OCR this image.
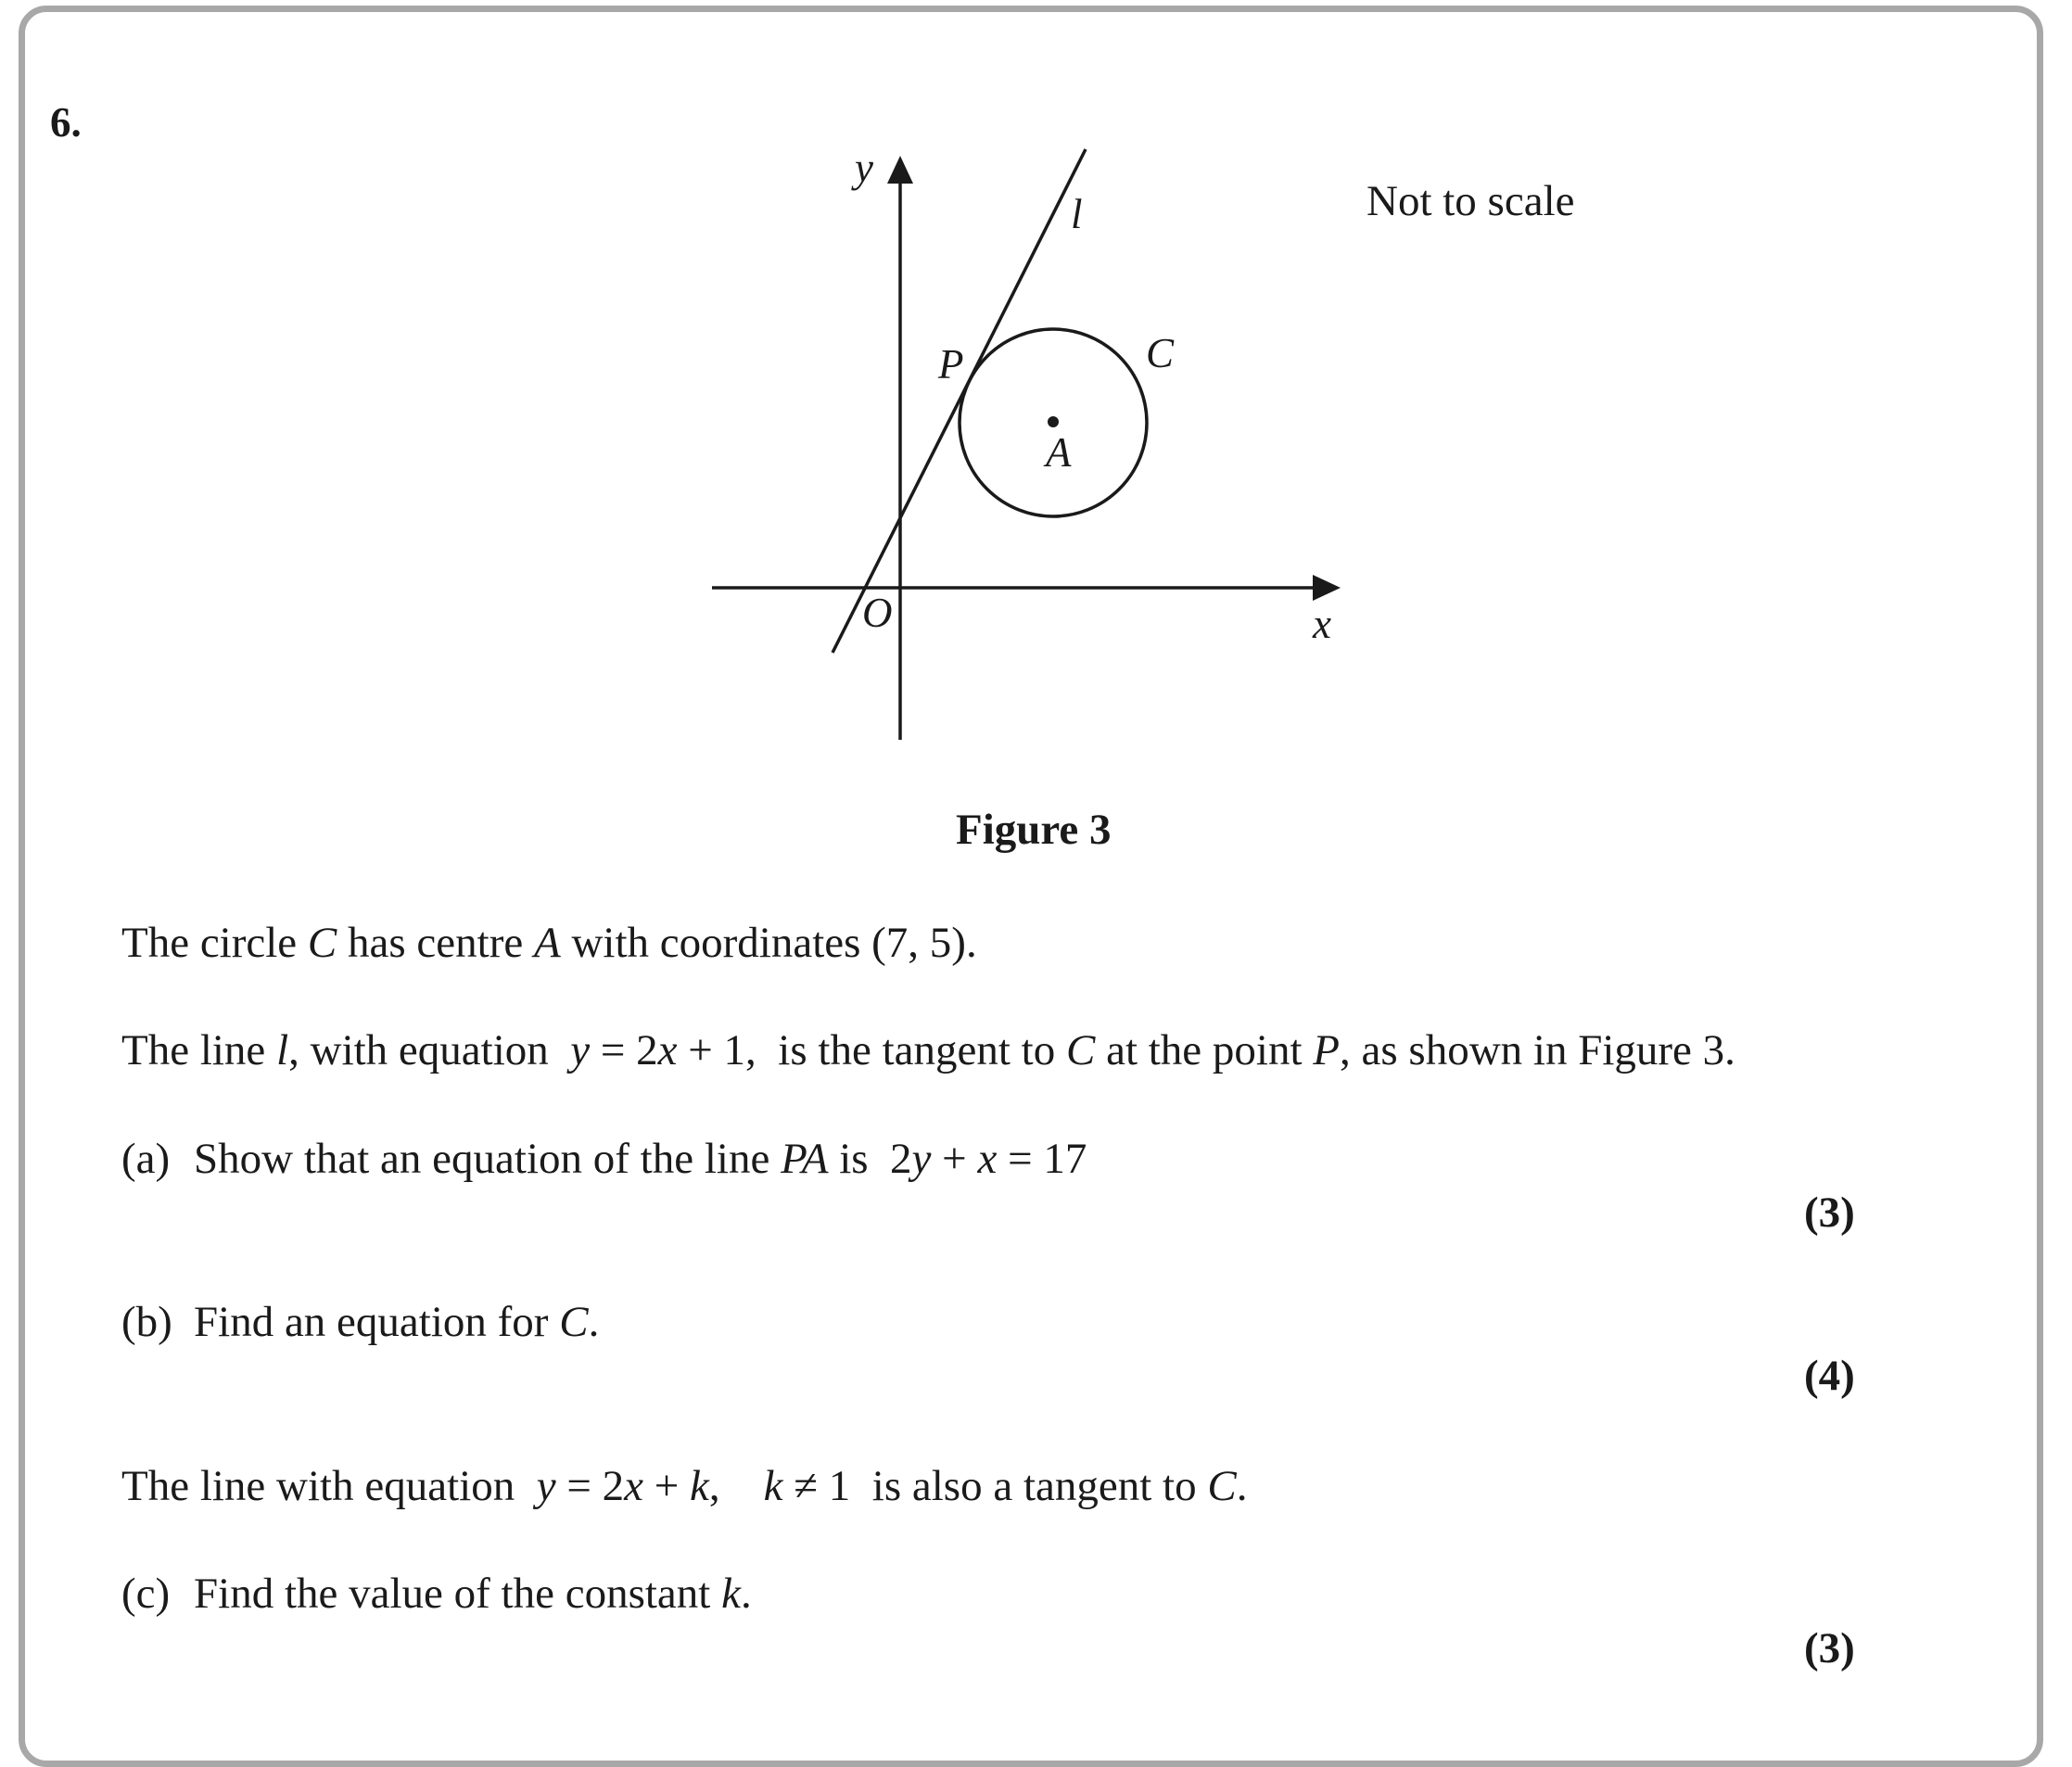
6.
y
x
O
l
P	C
A
Not to scale
Figure 3
The circle C has centre A with coordinates (7, 5).
The line l, with equation  y = 2x + 1,  is the tangent to C at the point P, as shown in Figure 3.
(a) Show that an equation of the line PA is  2y + x = 17
(3)
(b) Find an equation for C.
(4)
The line with equation  y = 2x + k,    k ≠ 1  is also a tangent to C.
(c) Find the value of the constant k.
(3)
